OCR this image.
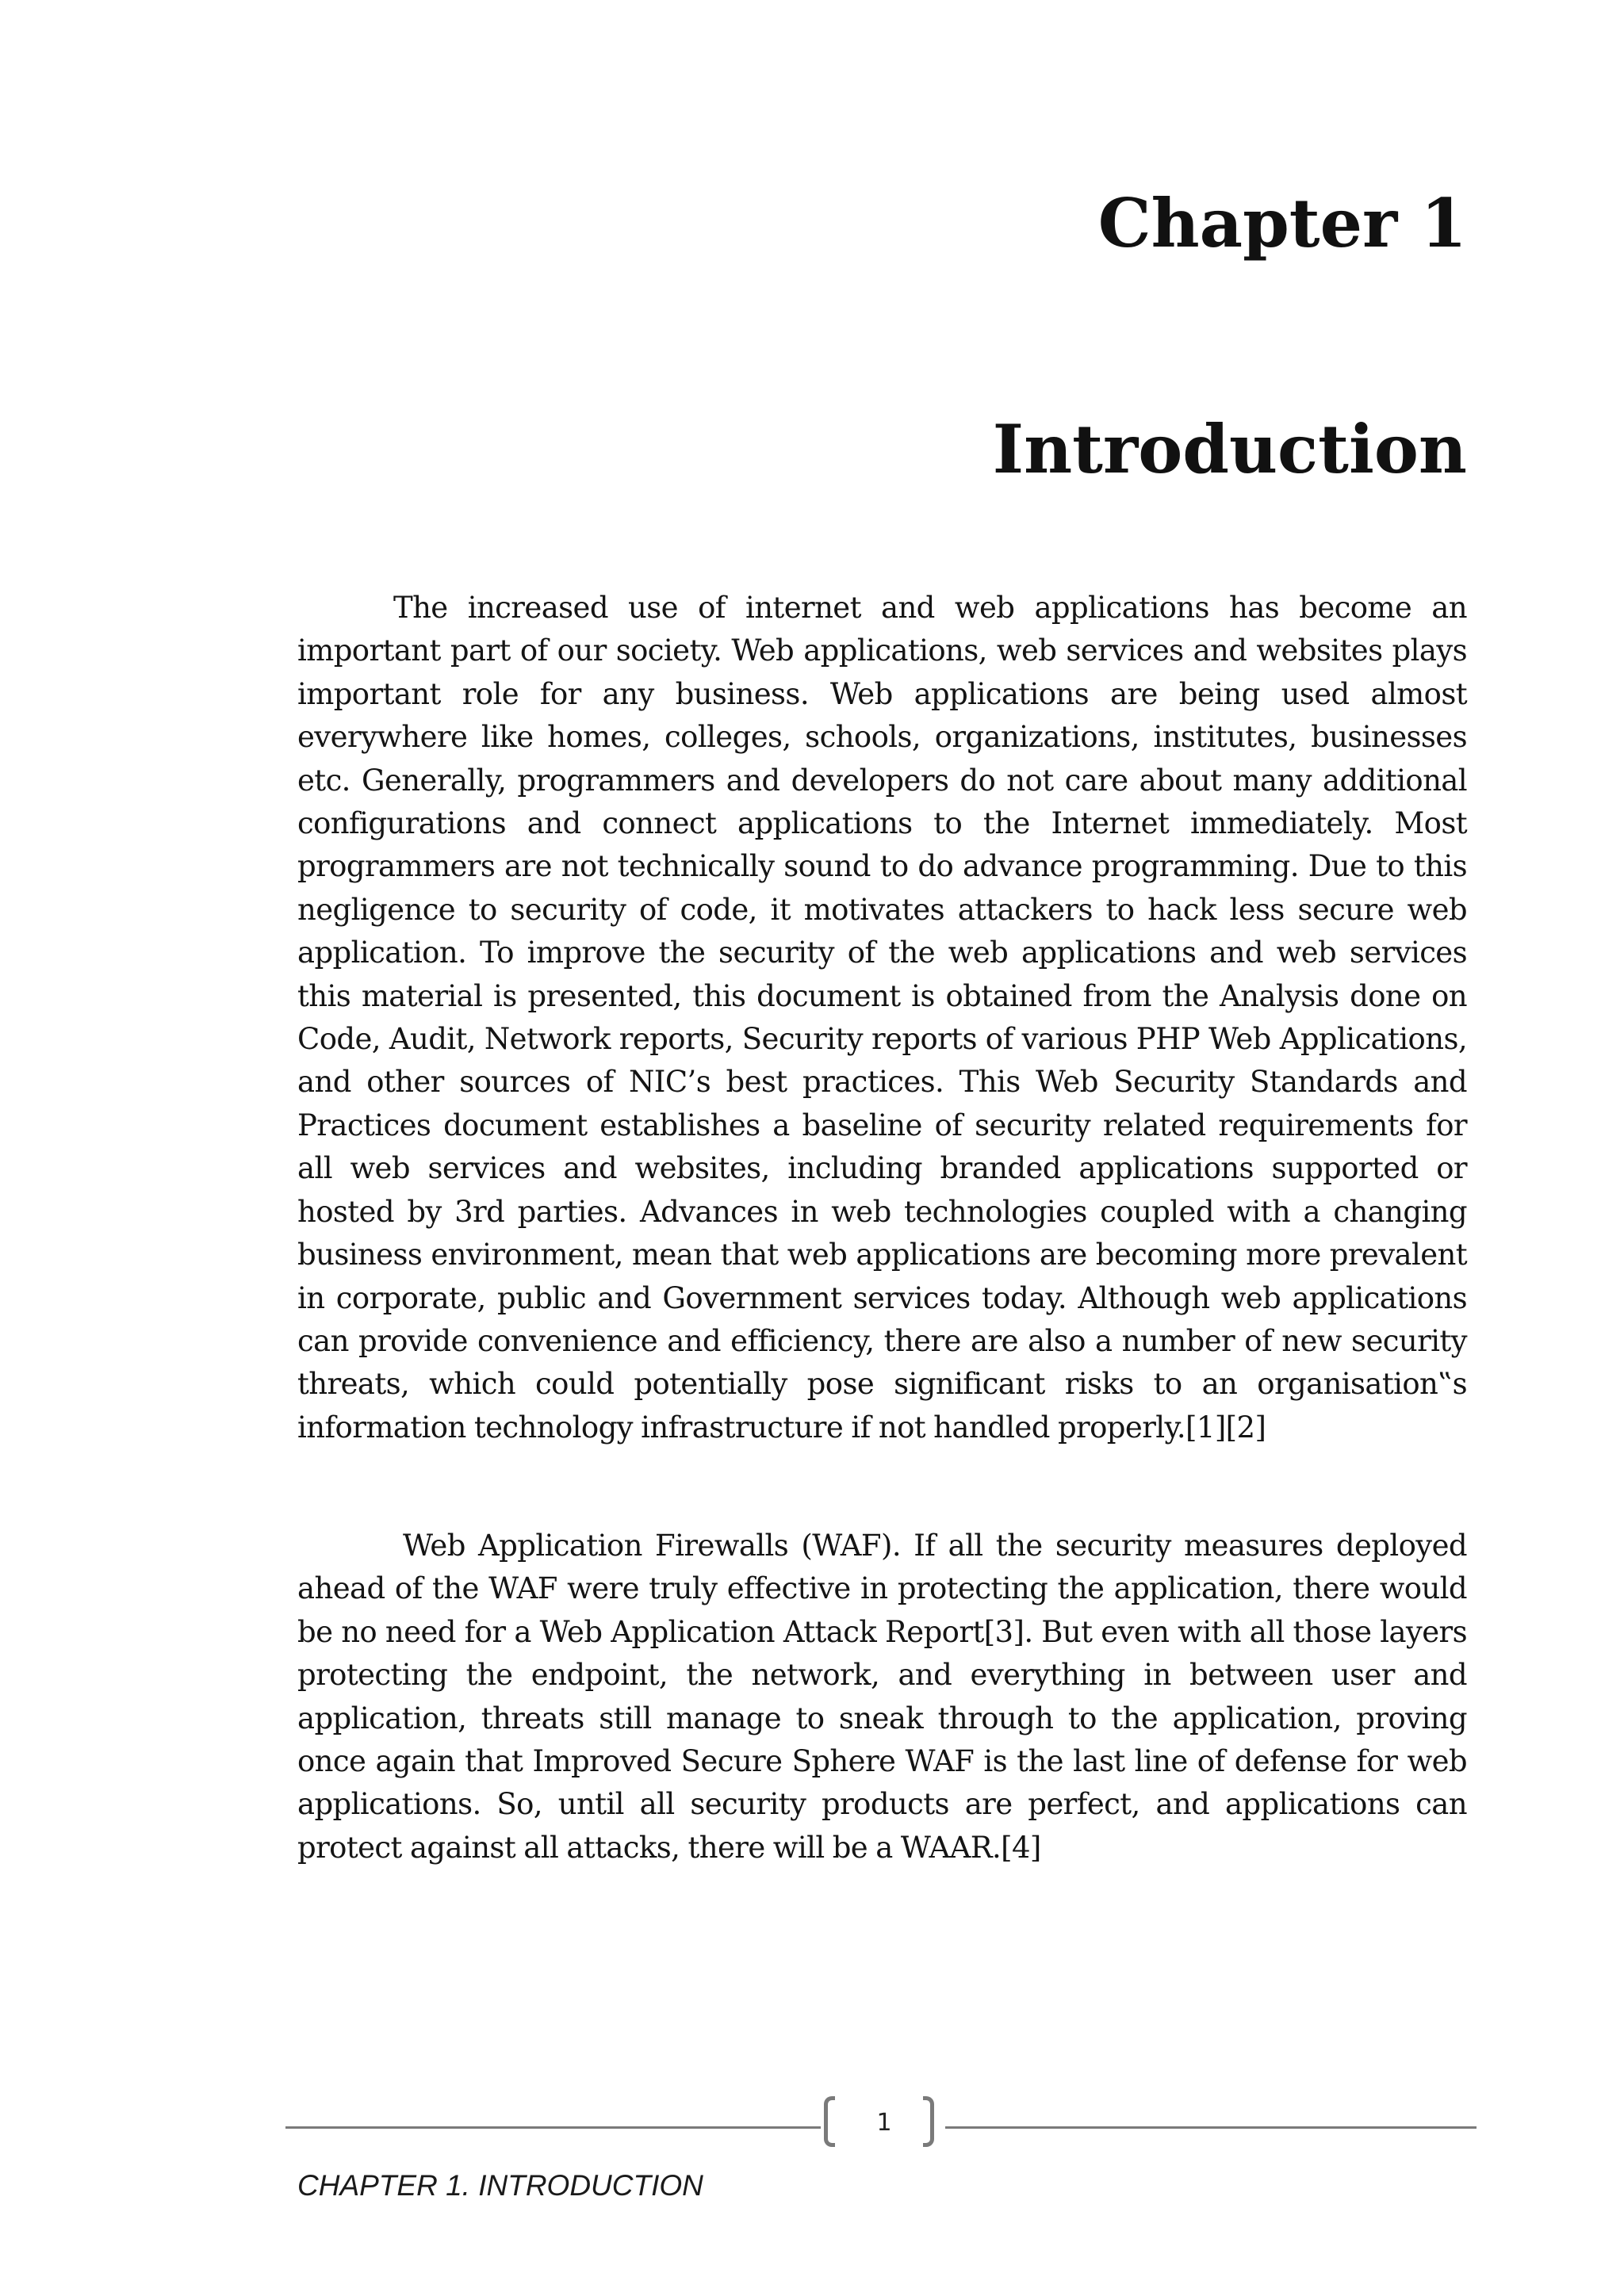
Chapter 1
Introduction

The increased use of internet and web applications has become an important part of our society. Web applications, web services and websites plays important role for any business. Web applications are being used almost everywhere like homes, colleges, schools, organizations, institutes, businesses etc. Generally, programmers and developers do not care about many additional configurations and connect applications to the Internet immediately. Most programmers are not technically sound to do advance programming. Due to this negligence to security of code, it motivates attackers to hack less secure web application. To improve the security of the web applications and web services this material is presented, this document is obtained from the Analysis done on Code, Audit, Network reports, Security reports of various PHP Web Applications, and other sources of NIC’s best practices. This Web Security Standards and Practices document establishes a baseline of security related requirements for all web services and websites, including branded applications supported or hosted by 3rd parties. Advances in web technologies coupled with a changing business environment, mean that web applications are becoming more prevalent in corporate, public and Government services today. Although web applications can provide convenience and efficiency, there are also a number of new security threats, which could potentially pose significant risks to an organisation‟s information technology infrastructure if not handled properly.[1][2]

Web Application Firewalls (WAF). If all the security measures deployed ahead of the WAF were truly effective in protecting the application, there would be no need for a Web Application Attack Report[3]. But even with all those layers protecting the endpoint, the network, and everything in between user and application, threats still manage to sneak through to the application, proving once again that Improved Secure Sphere WAF is the last line of defense for web applications. So, until all security products are perfect, and applications can protect against all attacks, there will be a WAAR.[4]

1

CHAPTER 1. INTRODUCTION
